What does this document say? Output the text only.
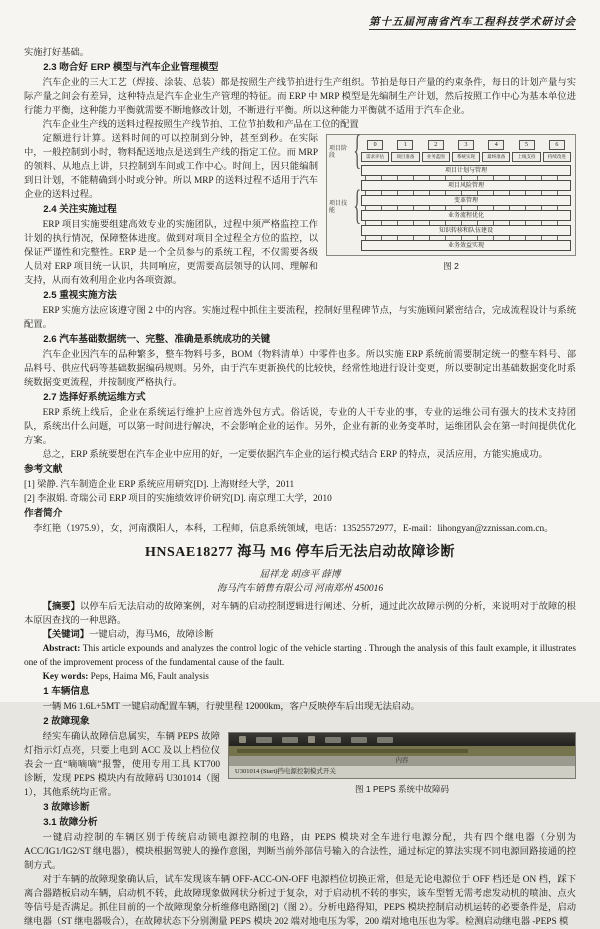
第十五届河南省汽车工程科技学术研讨会

实施打好基础。

2.3 吻合好 ERP 模型与汽车企业管理模型

汽车企业的三大工艺（焊接、涂装、总装）都是按照生产线节拍进行生产组织。节拍是每日产量的约束条件，每日的计划产量与实际产量之间会有差异，这种特点是汽车企业生产管理的特征。而 ERP 中 MRP 模型是先编制生产计划，然后按照工作中心为基本单位进行能力平衡，这种能力平衡就需要不断地修改计划，不断进行平衡。所以这种能力平衡就不适用于汽车企业。

汽车企业生产线的送料过程按照生产线节拍、工位节拍数和产品在工位的配置

项目阶段	{	0
需求评估
1
项目准备
2
业务蓝图
3
系统实现
4
最终准备
5
上线支持
6
持续改进
项目技能	{
项目计划与管理
项目风险管理
变革管理
业务流程优化
知识转移和队伍建设
业务效益实现
图 2

定额进行计算。送料时间的可以控制到分钟，甚至到秒。在实际中，一般控制到小时，物料配送地点是送到生产线的指定工位。而 MRP 的领料、从地点上讲，只控制到车间或工作中心。时间上，因只能编制到日计划，不能精确到小时或分钟。所以 MRP 的送料过程不适用于汽车企业的送料过程。

2.4 关注实施过程

ERP 项目实施要组建高效专业的实施团队，过程中须严格监控工作计划的执行情况，保障整体进度。做到对项目全过程全方位的监控，以保证严谨性和完整性。ERP 是一个全员参与的系统工程，不仅需要各级人员对 ERP 项目统一认识，共同响应，更需要高层领导的认同、理解和支持，从而有效利用企业内各项资源。

2.5 重视实施方法

ERP 实施方法应该遵守图 2 中的内容。实施过程中抓住主要流程，控制好里程碑节点，与实施顾问紧密结合，完成流程设计与系统配置。

2.6 汽车基础数据统一、完整、准确是系统成功的关键

汽车企业因汽车的品种繁多，整车物料号多，BOM（物料清单）中零件也多。所以实施 ERP 系统前需要制定统一的整车料号、部品料号、供应代码等基础数据编码规则。另外，由于汽车更新换代的比较快，经常性地进行设计变更，所以要制定出基础数据变化时系统数据变更流程，并按制度严格执行。

2.7 选择好系统运维方式

ERP 系统上线后，企业在系统运行维护上应首选外包方式。俗话说，专业的人干专业的事，专业的运维公司有强大的技术支持团队，系统出什么问题，可以第一时间进行解决，不会影响企业的运作。另外，企业有新的业务变革时，运维团队会在第一时间提供优化方案。

总之，ERP 系统要想在汽车企业中应用的好，一定要依据汽车企业的运行模式结合 ERP 的特点，灵活应用，方能实施成功。

参考文献

[1] 梁静. 汽车制造企业 ERP 系统应用研究[D]. 上海财经大学，2011

[2] 李淑娟. 奇瑞公司 ERP 项目的实施绩效评价研究[D]. 南京理工大学，2010

作者简介

李红艳（1975.9），女，河南濮阳人，本科，工程师，信息系统领域，电话：13525572977，E-mail：lihongyan@zznissan.com.cn。

HNSAE18277 海马 M6 停车后无法启动故障诊断

屈祥龙 胡彦平 薛博

海马汽车销售有限公司 河南郑州 450016

【摘要】以停车后无法启动的故障案例，对车辆的启动控制逻辑进行阐述、分析，通过此次故障示例的分析，来说明对于故障的根本原因查找的一种思路。

【关键词】一键启动，海马M6，故障诊断

Abstract: This article expounds and analyzes the control logic of the vehicle starting . Through the analysis of this fault example, it illustrates one of the improvement process of the fundamental cause of the fault.

Key words: Peps, Haima M6, Fault analysis

1 车辆信息

一辆 M6 1.6L+5MT 一键启动配置车辆，行驶里程 12000km，客户反映停车后出现无法启动。

2 故障现象

内容
U301014 (Start)挡电源控制模式开关
图 1 PEPS 系统中故障码

经实车确认故障信息属实，车辆 PEPS 故障灯指示灯点亮，只要上电到 ACC 及以上档位仪表会一直“嘀嘀嘀”报警，使用专用工具 KT700 诊断，发现 PEPS 模块内有故障码 U301014（图 1），其他系统均正常。

3 故障诊断

3.1 故障分析

一键启动控制的车辆区别于传统启动锁电源控制的电路，由 PEPS 模块对全车进行电源分配，共有四个继电器（分别为 ACC/IG1/IG2/ST 继电器），模块根据驾驶人的操作意图，判断当前外部信号输入的合法性，通过标定的算法实现不同电源回路接通的控制方式。

对于车辆的故障现象确认后，试车发现该车辆 OFF-ACC-ON-OFF 电源档位切换正常，但是无论电源位于 OFF 档还是 ON 档，踩下离合器踏板启动车辆，启动机不转，此故障现象做网状分析过于复杂，对于启动机不转的事实，该车型暂无需考虑发动机的喷油、点火等信号是否满足。抓住目前的一个故障现象分析维修电路图[2]（图 2）。分析电路得知，PEPS 模块控制启动机运转的必要条件是，启动继电器（ST 继电器吸合），在故障状态下分别测量 PEPS 模块 202 端对地电压为零，200 端对地电压也为零。检测启动继电器 -PEPS 模
